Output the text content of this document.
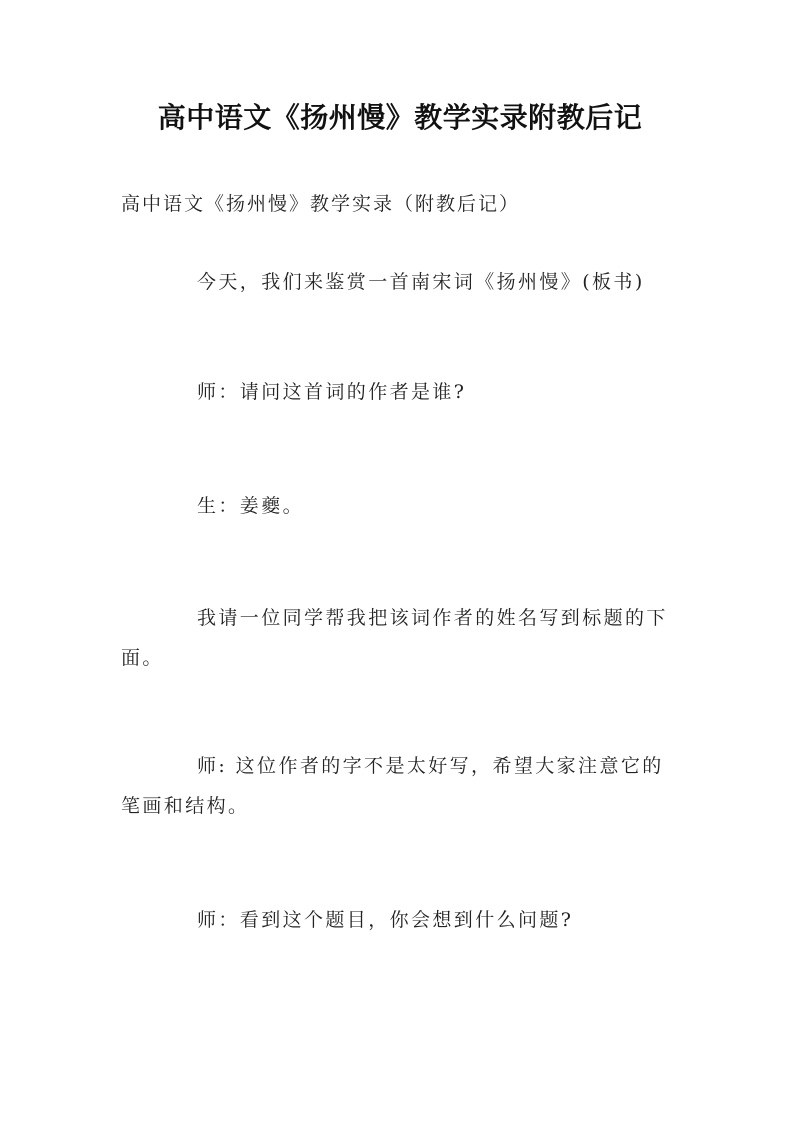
高中语文《扬州慢》教学实录附教后记

高中语文《扬州慢》教学实录（附教后记）

今天，我们来鉴赏一首南宋词《扬州慢》(板书)

师：请问这首词的作者是谁?

生：姜夔。

我请一位同学帮我把该词作者的姓名写到标题的下面。

师: 这位作者的字不是太好写，希望大家注意它的笔画和结构。

师：看到这个题目，你会想到什么问题?
